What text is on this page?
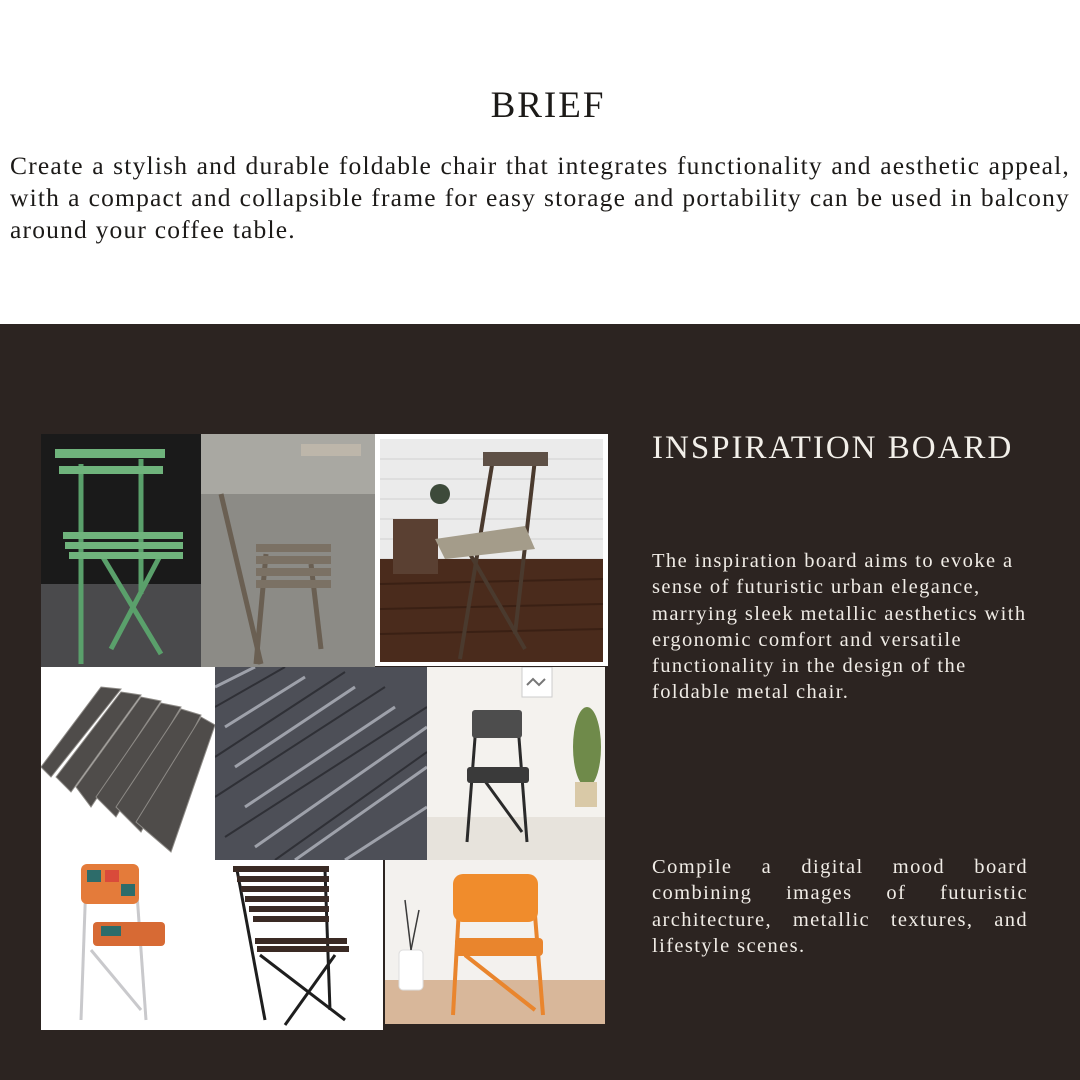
BRIEF

Create a stylish and durable foldable chair that integrates functionality and aesthetic appeal, with a compact and collapsible frame for easy storage and portability can be used in balcony around your coffee table.

INSPIRATION BOARD

The inspiration board aims to evoke a sense of futuristic urban elegance, marrying sleek metallic aesthetics with ergonomic comfort and versatile functionality in the design of the foldable metal chair.

Compile a digital mood board combining images of futuristic architecture, metallic textures, and lifestyle scenes.
